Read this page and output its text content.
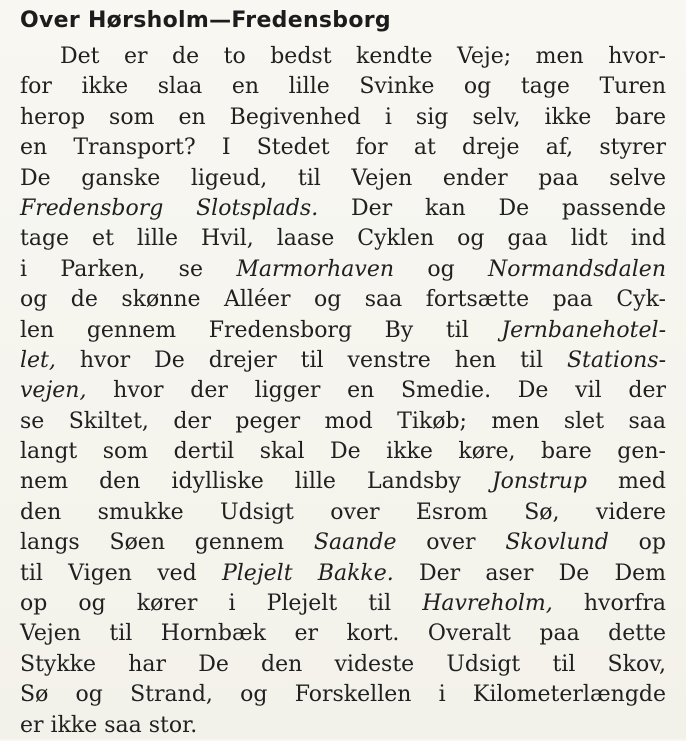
Over Hørsholm—Fredensborg
Det er de to bedst kendte Veje; men hvor-
for ikke slaa en lille Svinke og tage Turen
herop som en Begivenhed i sig selv, ikke bare
en Transport? I Stedet for at dreje af, styrer
De ganske ligeud, til Vejen ender paa selve
Fredensborg Slotsplads. Der kan De passende
tage et lille Hvil, laase Cyklen og gaa lidt ind
i Parken, se Marmorhaven og Normandsdalen
og de skønne Alléer og saa fortsætte paa Cyk-
len gennem Fredensborg By til Jernbanehotel-
let, hvor De drejer til venstre hen til Stations-
vejen, hvor der ligger en Smedie. De vil der
se Skiltet, der peger mod Tikøb; men slet saa
langt som dertil skal De ikke køre, bare gen-
nem den idylliske lille Landsby Jonstrup med
den smukke Udsigt over Esrom Sø, videre
langs Søen gennem Saande over Skovlund op
til Vigen ved Plejelt Bakke. Der aser De Dem
op og kører i Plejelt til Havreholm, hvorfra
Vejen til Hornbæk er kort. Overalt paa dette
Stykke har De den videste Udsigt til Skov,
Sø og Strand, og Forskellen i Kilometerlængde
er ikke saa stor.
